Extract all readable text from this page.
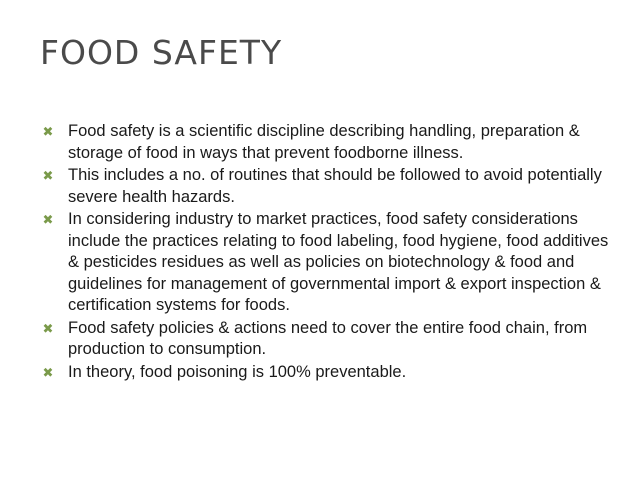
FOOD SAFETY
✖ Food safety is a scientific discipline describing handling, preparation & storage of food in ways that prevent foodborne illness.
✖ This includes a no. of routines that should be followed to avoid potentially severe health hazards.
✖ In considering industry to market practices, food safety considerations include the practices relating to food labeling, food hygiene, food additives & pesticides residues as well as policies on biotechnology & food and guidelines for management of governmental import & export inspection & certification systems for foods.
✖ Food safety policies & actions need to cover the entire food chain, from production to consumption.
✖ In theory, food poisoning is 100% preventable.
